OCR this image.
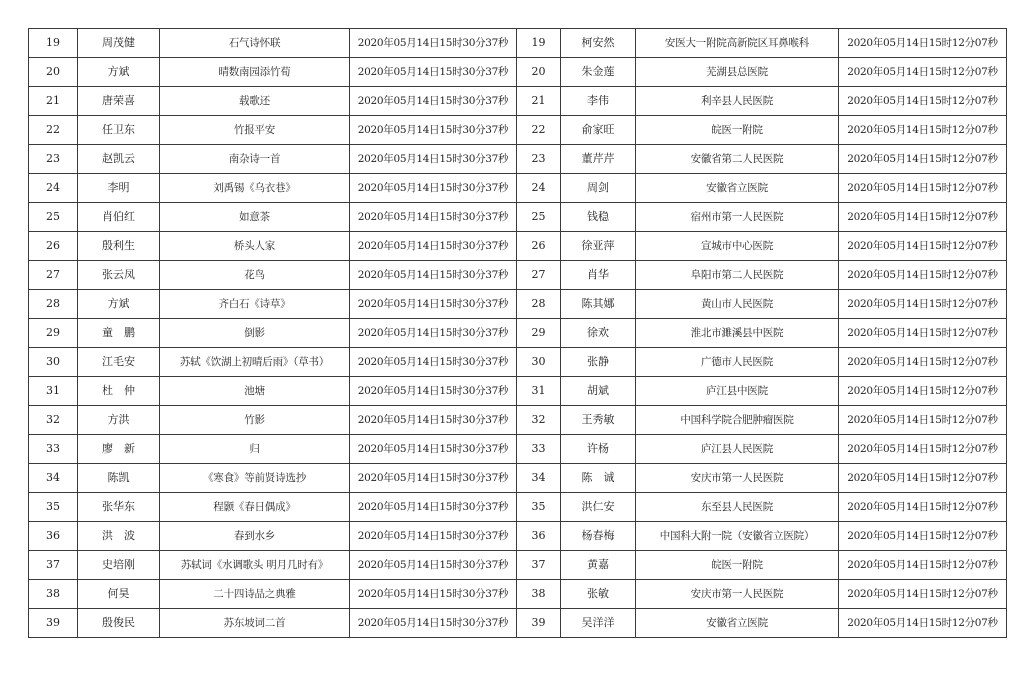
19	周茂健	石气诗怀联	2020年05月14日15时30分37秒	19	柯安然	安医大一附院高新院区耳鼻喉科	2020年05月14日15时12分07秒
20	方斌	晴数南园添竹荀	2020年05月14日15时30分37秒	20	朱金莲	芜湖县总医院	2020年05月14日15时12分07秒
21	唐荣喜	载歌还	2020年05月14日15时30分37秒	21	李伟	利辛县人民医院	2020年05月14日15时12分07秒
22	任卫东	竹报平安	2020年05月14日15时30分37秒	22	俞家旺	皖医一附院	2020年05月14日15时12分07秒
23	赵凯云	南杂诗一首	2020年05月14日15时30分37秒	23	董芹芹	安徽省第二人民医院	2020年05月14日15时12分07秒
24	李明	刘禹锡《乌衣巷》	2020年05月14日15时30分37秒	24	周剑	安徽省立医院	2020年05月14日15时12分07秒
25	肖伯红	如意茶	2020年05月14日15时30分37秒	25	钱稳	宿州市第一人民医院	2020年05月14日15时12分07秒
26	殷利生	桥头人家	2020年05月14日15时30分37秒	26	徐亚萍	宣城市中心医院	2020年05月14日15时12分07秒
27	张云凤	花鸟	2020年05月14日15时30分37秒	27	肖华	阜阳市第二人民医院	2020年05月14日15时12分07秒
28	方斌	齐白石《诗草》	2020年05月14日15时30分37秒	28	陈其娜	黄山市人民医院	2020年05月14日15时12分07秒
29	童　鹏	倒影	2020年05月14日15时30分37秒	29	徐欢	淮北市濉溪县中医院	2020年05月14日15时12分07秒
30	江毛安	苏轼《饮湖上初晴后雨》（草书）	2020年05月14日15时30分37秒	30	张静	广德市人民医院	2020年05月14日15时12分07秒
31	杜　仲	池塘	2020年05月14日15时30分37秒	31	胡斌	庐江县中医院	2020年05月14日15时12分07秒
32	方洪	竹影	2020年05月14日15时30分37秒	32	王秀敏	中国科学院合肥肿瘤医院	2020年05月14日15时12分07秒
33	廖　新	归	2020年05月14日15时30分37秒	33	许杨	庐江县人民医院	2020年05月14日15时12分07秒
34	陈凯	《寒食》等前贤诗选抄	2020年05月14日15时30分37秒	34	陈　诚	安庆市第一人民医院	2020年05月14日15时12分07秒
35	张华东	程颢《春日偶成》	2020年05月14日15时30分37秒	35	洪仁安	东至县人民医院	2020年05月14日15时12分07秒
36	洪　波	春到水乡	2020年05月14日15时30分37秒	36	杨春梅	中国科大附一院（安徽省立医院）	2020年05月14日15时12分07秒
37	史培刚	苏轼词《水调歌头 明月几时有》	2020年05月14日15时30分37秒	37	黄嘉	皖医一附院	2020年05月14日15时12分07秒
38	何昊	二十四诗品之典雅	2020年05月14日15时30分37秒	38	张敏	安庆市第一人民医院	2020年05月14日15时12分07秒
39	殷俊民	苏东坡词二首	2020年05月14日15时30分37秒	39	吴洋洋	安徽省立医院	2020年05月14日15时12分07秒
